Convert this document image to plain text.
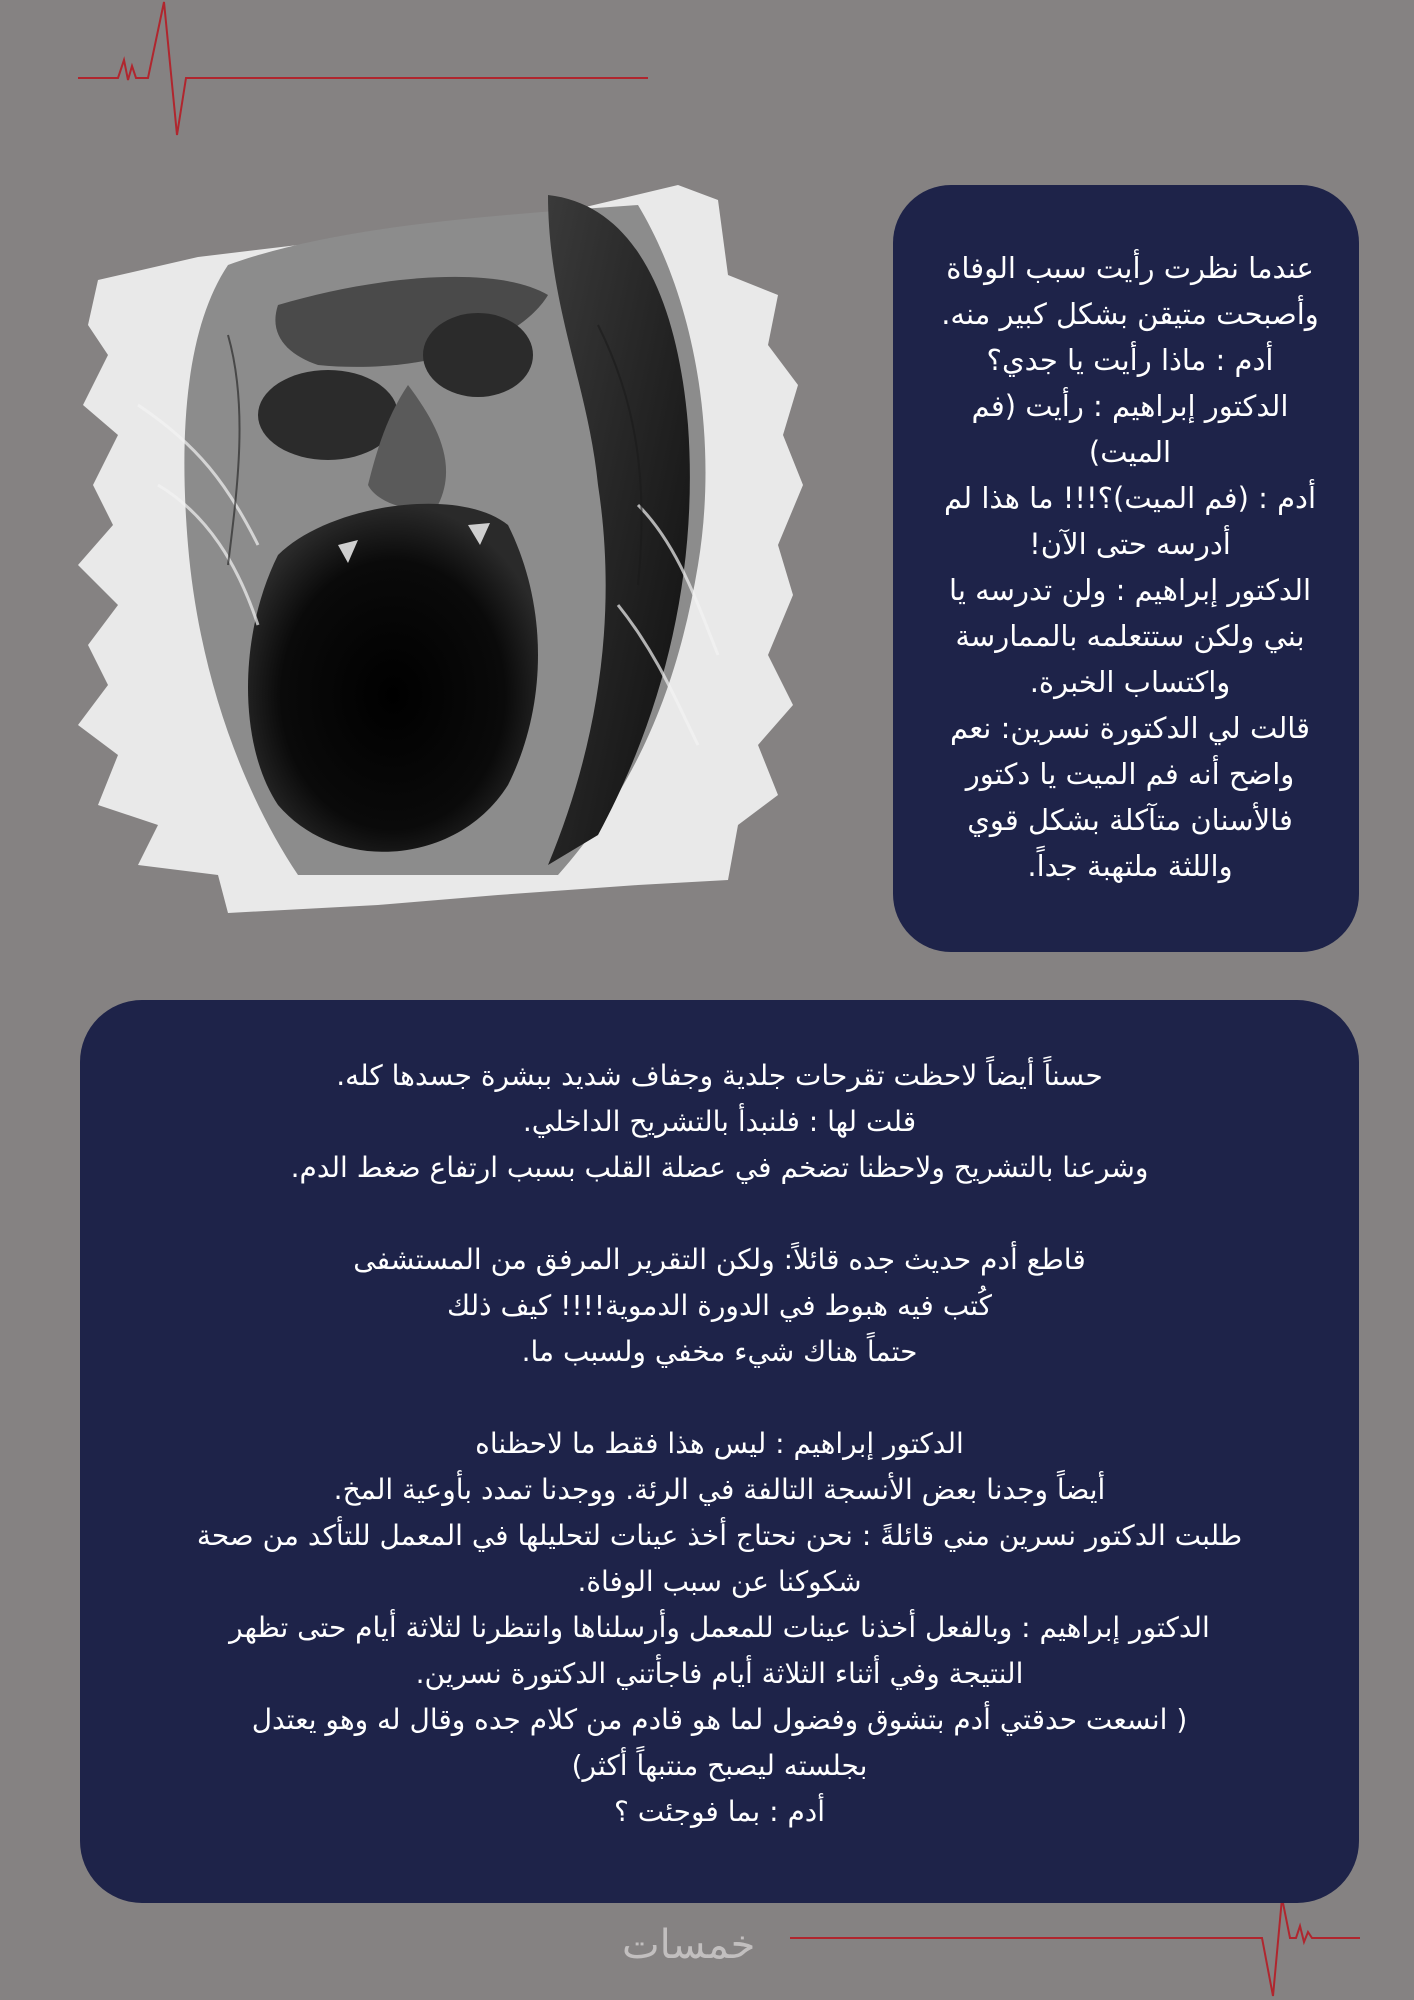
عندما نظرت رأيت سبب الوفاة
وأصبحت متيقن بشكل كبير منه.
أدم : ماذا رأيت يا جدي؟
الدكتور إبراهيم : رأيت (فم
الميت)
أدم : (فم الميت)؟!!! ما هذا لم
أدرسه حتى الآن!
الدكتور إبراهيم : ولن تدرسه يا
بني ولكن ستتعلمه بالممارسة
واكتساب الخبرة.
قالت لي الدكتورة نسرين: نعم
واضح أنه فم الميت يا دكتور
فالأسنان متآكلة بشكل قوي
واللثة ملتهبة جداً.
حسناً أيضاً لاحظت تقرحات جلدية وجفاف شديد ببشرة جسدها كله.
قلت لها : فلنبدأ بالتشريح الداخلي.
وشرعنا بالتشريح ولاحظنا تضخم في عضلة القلب بسبب ارتفاع ضغط الدم.
قاطع أدم حديث جده قائلاً: ولكن التقرير المرفق من المستشفى
كُتب فيه هبوط في الدورة الدموية!!!! كيف ذلك
حتماً هناك شيء مخفي ولسبب ما.
الدكتور إبراهيم : ليس هذا فقط ما لاحظناه
أيضاً وجدنا بعض الأنسجة التالفة في الرئة. ووجدنا تمدد بأوعية المخ.
طلبت الدكتور نسرين مني قائلةً : نحن نحتاج أخذ عينات لتحليلها في المعمل للتأكد من صحة
شكوكنا عن سبب الوفاة.
الدكتور إبراهيم : وبالفعل أخذنا عينات للمعمل وأرسلناها وانتظرنا لثلاثة أيام حتى تظهر
النتيجة وفي أثناء الثلاثة أيام فاجأتني الدكتورة نسرين.
( انسعت حدقتي أدم بتشوق وفضول لما هو قادم من كلام جده وقال له وهو يعتدل
بجلسته ليصبح منتبهاً أكثر)
أدم : بما فوجئت ؟
خمسات
